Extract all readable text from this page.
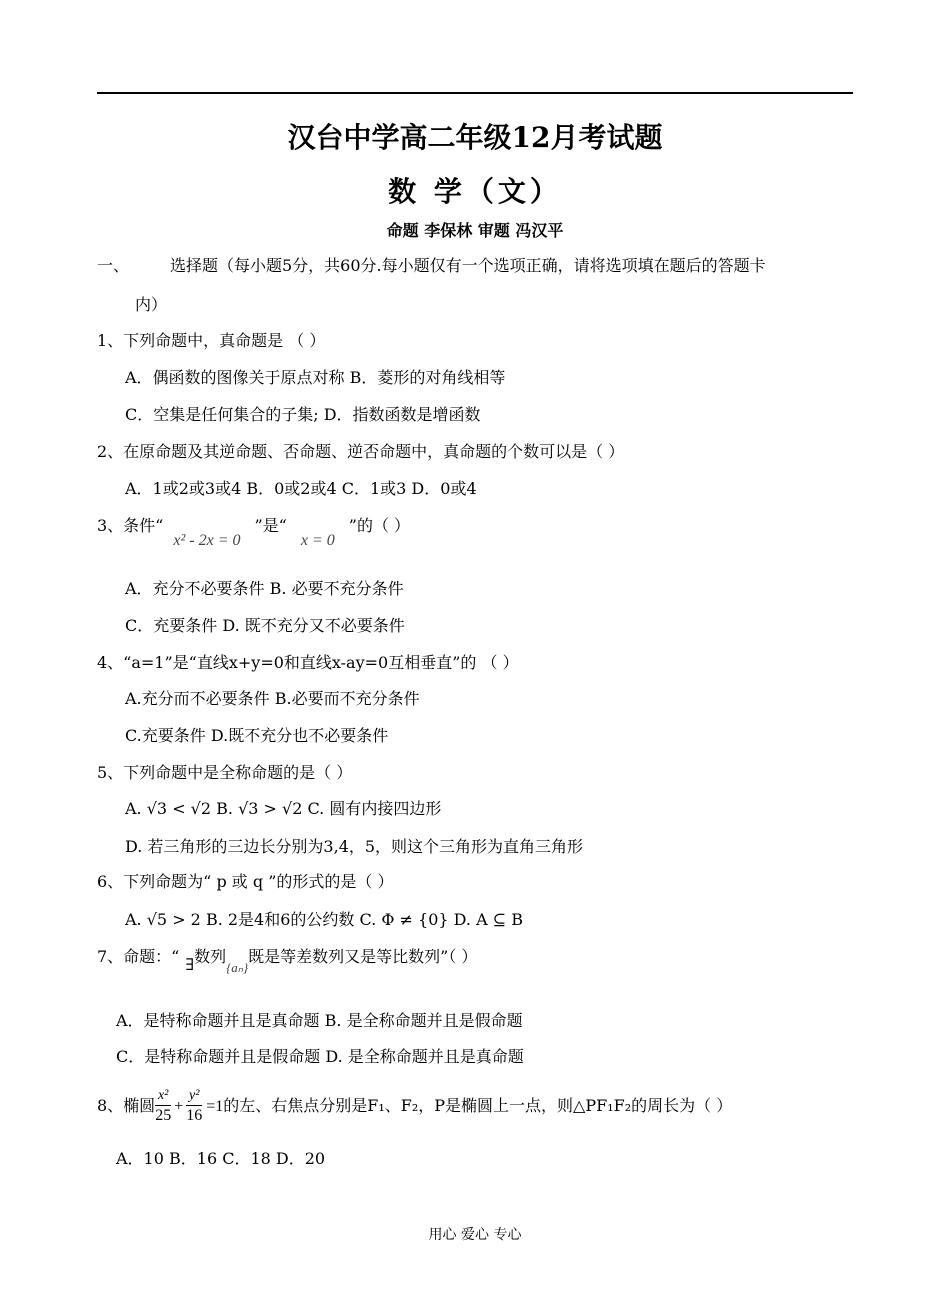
汉台中学高二年级12月考试题
数 学（文）
命题 李保林 审题 冯汉平
一、	选择题（每小题5分，共60分.每小题仅有一个选项正确，请将选项填在题后的答题卡
内）
1、下列命题中，真命题是 （ ）
A．偶函数的图像关于原点对称 B．菱形的对角线相等
C．空集是任何集合的子集; D．指数函数是增函数
2、在原命题及其逆命题、否命题、逆否命题中，真命题的个数可以是（ ）
A．1或2或3或4 B．0或2或4 C．1或3 D．0或4
3、条件“x² - 2x = 0”是“x = 0”的（ ）
A．充分不必要条件 B. 必要不充分条件
C．充要条件 D. 既不充分又不必要条件
4、“a=1”是“直线x+y=0和直线x-ay=0互相垂直”的 （ ）
A.充分而不必要条件 B.必要而不充分条件
C.充要条件 D.既不充分也不必要条件
5、下列命题中是全称命题的是（ ）
A. √3 < √2 B. √3 > √2 C. 圆有内接四边形
D. 若三角形的三边长分别为3,4，5，则这个三角形为直角三角形
6、下列命题为“ p 或 q ”的形式的是（ ）
A. √5 > 2 B. 2是4和6的公约数 C. Φ ≠ {0} D. A ⊆ B
7、命题：“ ∃数列{aₙ}既是等差数列又是等比数列”（ ）
A．是特称命题并且是真命题 B. 是全称命题并且是假命题
C．是特称命题并且是假命题 D. 是全称命题并且是真命题
8、椭圆 $\frac{\text{x²}}{25} + \frac{\text{y²}}{16} =1$的左、右焦点分别是F₁、F₂，P是椭圆上一点，则△PF₁F₂的周长为（ ）
A．10 B．16 C．18 D．20
用心 爱心 专心
